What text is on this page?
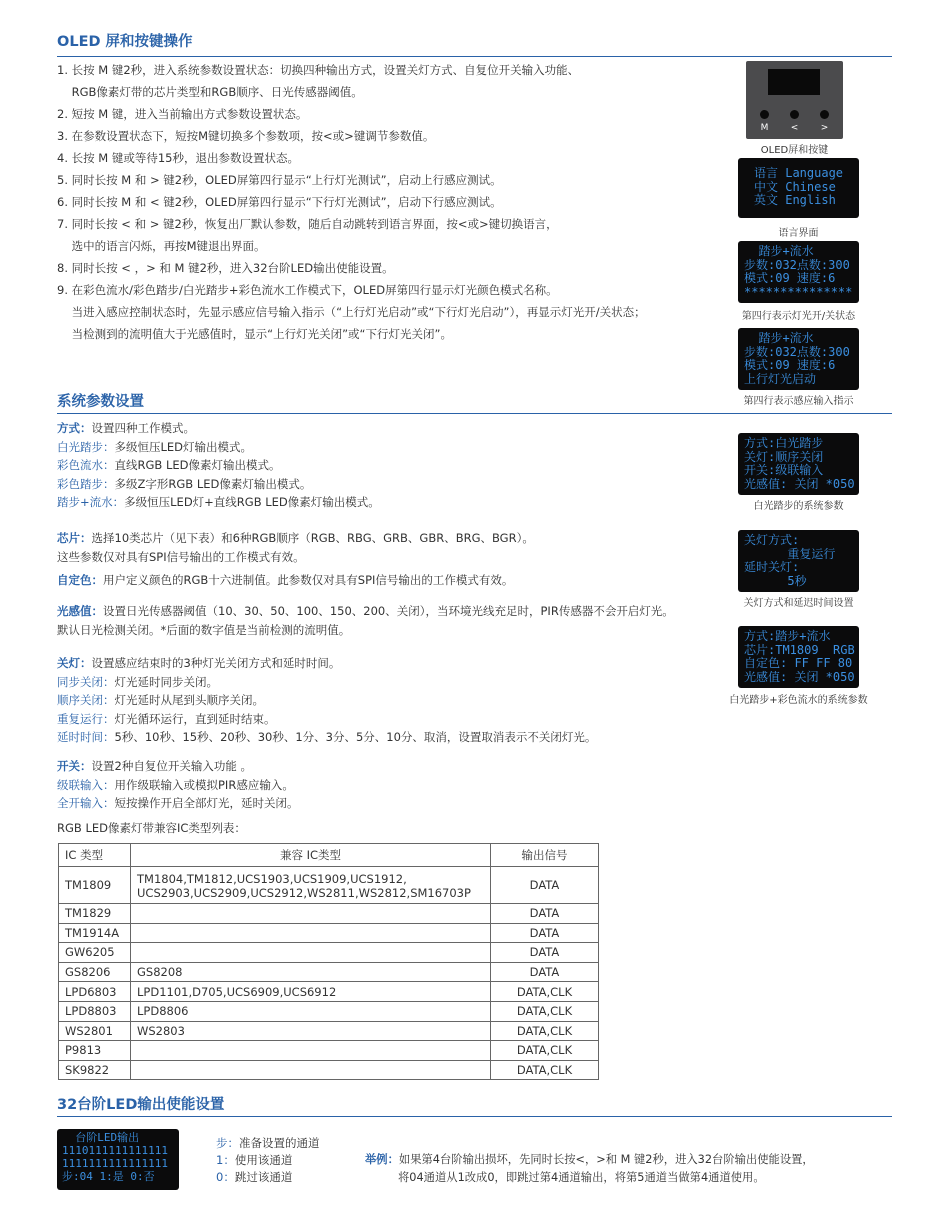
OLED 屏和按键操作
1. 长按 M 键2秒，进入系统参数设置状态：切换四种输出方式，设置关灯方式、自复位开关输入功能、
RGB像素灯带的芯片类型和RGB顺序、日光传感器阈值。
2. 短按 M 键，进入当前输出方式参数设置状态。
3. 在参数设置状态下，短按M键切换多个参数项，按<或>键调节参数值。
4. 长按 M 键或等待15秒，退出参数设置状态。
5. 同时长按 M 和 > 键2秒，OLED屏第四行显示“上行灯光测试”，启动上行感应测试。
6. 同时长按 M 和 < 键2秒，OLED屏第四行显示“下行灯光测试”，启动下行感应测试。
7. 同时长按 < 和 > 键2秒，恢复出厂默认参数，随后自动跳转到语言界面，按<或>键切换语言，
选中的语言闪烁，再按M键退出界面。
8. 同时长按 < ，> 和 M 键2秒，进入32台阶LED输出使能设置。
9. 在彩色流水/彩色踏步/白光踏步+彩色流水工作模式下，OLED屏第四行显示灯光颜色模式名称。
当进入感应控制状态时，先显示感应信号输入指示（“上行灯光启动”或“下行灯光启动”），再显示灯光开/关状态；
当检测到的流明值大于光感值时，显示“上行灯光关闭”或“下行灯光关闭”。
M	<	>
OLED屏和按键
语言 Language
中文 Chinese
英文 English
语言界面
踏步+流水
步数:032点数:300
模式:09 速度:6
***************
第四行表示灯光开/关状态
踏步+流水
步数:032点数:300
模式:09 速度:6
上行灯光启动
第四行表示感应输入指示
系统参数设置
方式：设置四种工作模式。
白光踏步：多级恒压LED灯输出模式。
彩色流水：直线RGB LED像素灯输出模式。
彩色踏步：多级Z字形RGB LED像素灯输出模式。
踏步+流水：多级恒压LED灯+直线RGB LED像素灯输出模式。
芯片：选择10类芯片（见下表）和6种RGB顺序（RGB、RBG、GRB、GBR、BRG、BGR）。
这些参数仅对具有SPI信号输出的工作模式有效。
自定色：用户定义颜色的RGB十六进制值。此参数仅对具有SPI信号输出的工作模式有效。
光感值：设置日光传感器阈值（10、30、50、100、150、200、关闭），当环境光线充足时，PIR传感器不会开启灯光。
默认日光检测关闭。*后面的数字值是当前检测的流明值。
关灯：设置感应结束时的3种灯光关闭方式和延时时间。
同步关闭：灯光延时同步关闭。
顺序关闭：灯光延时从尾到头顺序关闭。
重复运行：灯光循环运行，直到延时结束。
延时时间：5秒、10秒、15秒、20秒、30秒、1分、3分、5分、10分、取消，设置取消表示不关闭灯光。
开关：设置2种自复位开关输入功能 。
级联输入：用作级联输入或模拟PIR感应输入。
全开输入：短按操作开启全部灯光，延时关闭。
RGB LED像素灯带兼容IC类型列表：
方式:白光踏步
关灯:顺序关闭
开关:级联输入
光感值: 关闭 *050
白光踏步的系统参数
关灯方式:
重复运行
延时关灯:
5秒
关灯方式和延迟时间设置
方式:踏步+流水
芯片:TM1809  RGB
自定色: FF FF 80
光感值: 关闭 *050
白光踏步+彩色流水的系统参数
IC 类型	兼容 IC类型	输出信号
TM1809	TM1804,TM1812,UCS1903,UCS1909,UCS1912,
UCS2903,UCS2909,UCS2912,WS2811,WS2812,SM16703P	DATA
TM1829		DATA
TM1914A		DATA
GW6205		DATA
GS8206	GS8208	DATA
LPD6803	LPD1101,D705,UCS6909,UCS6912	DATA,CLK
LPD8803	LPD8806	DATA,CLK
WS2801	WS2803	DATA,CLK
P9813		DATA,CLK
SK9822		DATA,CLK
32台阶LED输出使能设置
台阶LED输出
1110111111111111
1111111111111111
步:04 1:是 0:否
步：准备设置的通道
1：使用该通道
0：跳过该通道
举例：如果第4台阶输出损坏，先同时长按<，>和 M 键2秒，进入32台阶输出使能设置，
将04通道从1改成0，即跳过第4通道输出，将第5通道当做第4通道使用。
